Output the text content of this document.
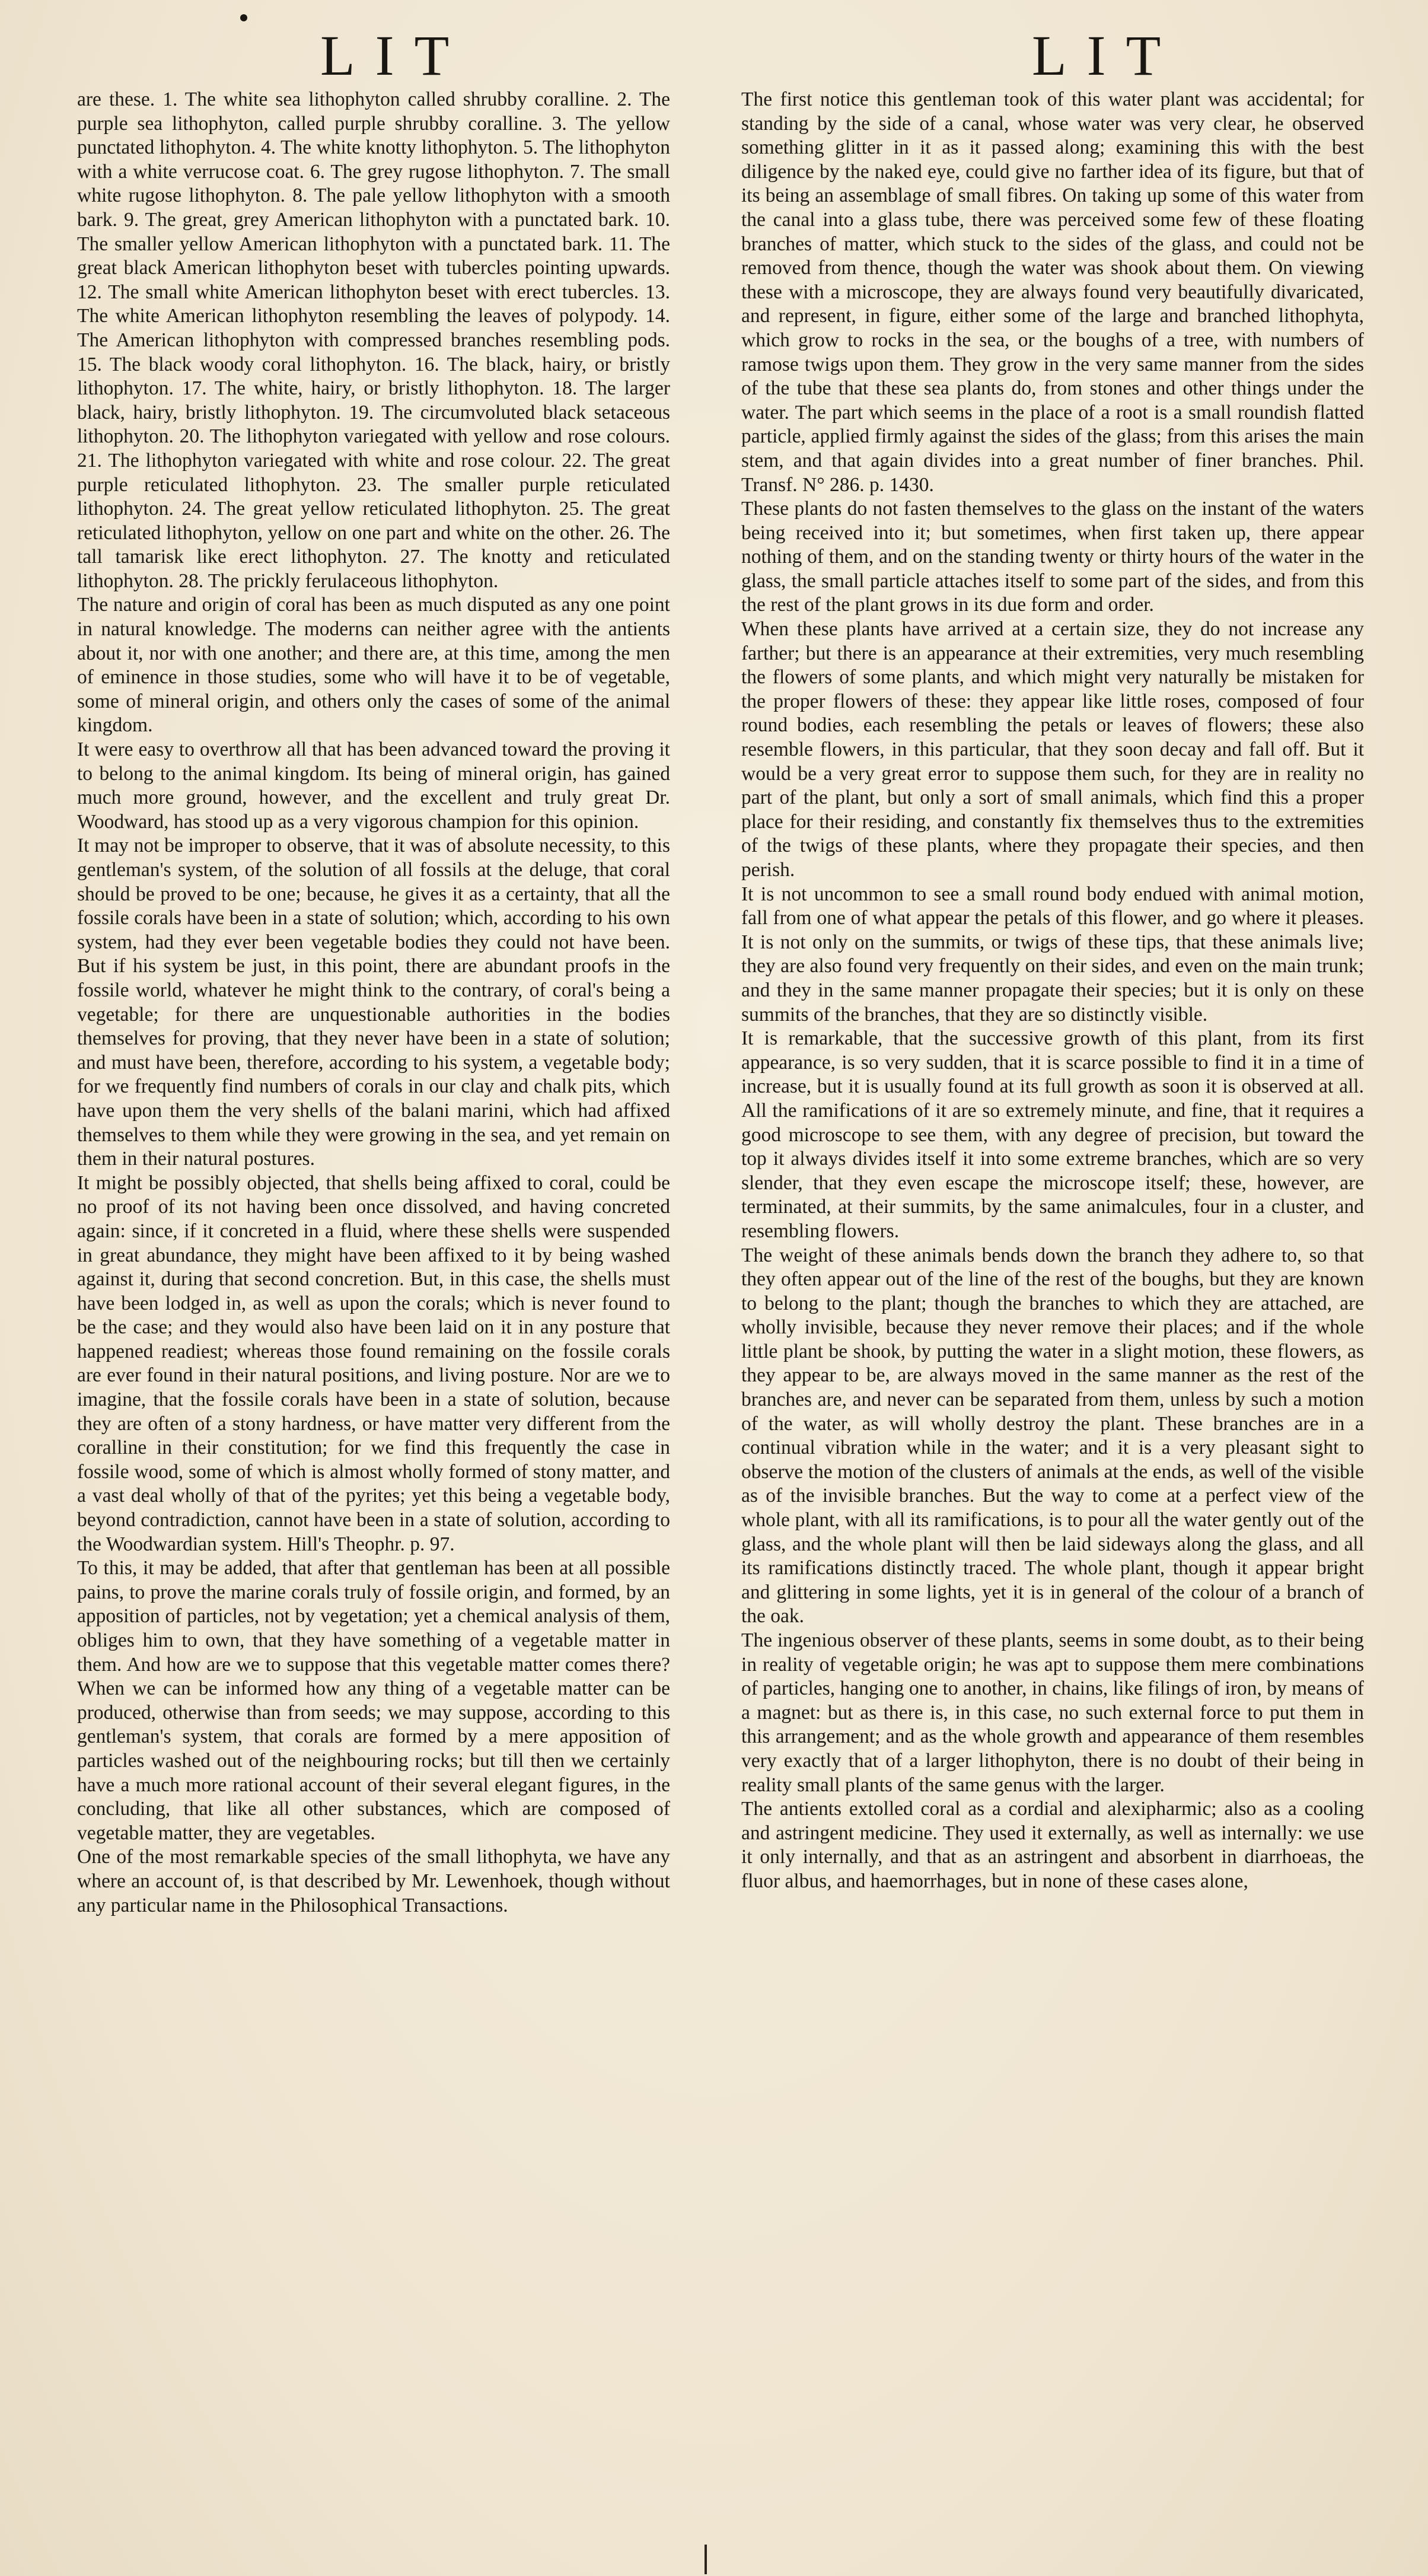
LIT	LIT

are these. 1. The white sea lithophyton called shrubby coralline. 2. The purple sea lithophyton, called purple shrubby coralline. 3. The yellow punctated lithophyton. 4. The white knotty lithophyton. 5. The lithophyton with a white verrucose coat. 6. The grey rugose lithophyton. 7. The small white rugose lithophyton. 8. The pale yellow lithophyton with a smooth bark. 9. The great, grey American lithophyton with a punctated bark. 10. The smaller yellow American lithophyton with a punctated bark. 11. The great black American lithophyton beset with tubercles pointing upwards. 12. The small white American lithophyton beset with erect tubercles. 13. The white American lithophyton resembling the leaves of polypody. 14. The American lithophyton with compressed branches resembling pods. 15. The black woody coral lithophyton. 16. The black, hairy, or bristly lithophyton. 17. The white, hairy, or bristly lithophyton. 18. The larger black, hairy, bristly lithophyton. 19. The circumvoluted black setaceous lithophyton. 20. The lithophyton variegated with yellow and rose colours. 21. The lithophyton variegated with white and rose colour. 22. The great purple reticulated lithophyton. 23. The smaller purple reticulated lithophyton. 24. The great yellow reticulated lithophyton. 25. The great reticulated lithophyton, yellow on one part and white on the other. 26. The tall tamarisk like erect lithophyton. 27. The knotty and reticulated lithophyton. 28. The prickly ferulaceous lithophyton.

The nature and origin of coral has been as much disputed as any one point in natural knowledge. The moderns can neither agree with the antients about it, nor with one another; and there are, at this time, among the men of eminence in those studies, some who will have it to be of vegetable, some of mineral origin, and others only the cases of some of the animal kingdom.

It were easy to overthrow all that has been advanced toward the proving it to belong to the animal kingdom. Its being of mineral origin, has gained much more ground, however, and the excellent and truly great Dr. Woodward, has stood up as a very vigorous champion for this opinion.

It may not be improper to observe, that it was of absolute necessity, to this gentleman's system, of the solution of all fossils at the deluge, that coral should be proved to be one; because, he gives it as a certainty, that all the fossile corals have been in a state of solution; which, according to his own system, had they ever been vegetable bodies they could not have been. But if his system be just, in this point, there are abundant proofs in the fossile world, whatever he might think to the contrary, of coral's being a vegetable; for there are unquestionable authorities in the bodies themselves for proving, that they never have been in a state of solution; and must have been, therefore, according to his system, a vegetable body; for we frequently find numbers of corals in our clay and chalk pits, which have upon them the very shells of the balani marini, which had affixed themselves to them while they were growing in the sea, and yet remain on them in their natural postures.

It might be possibly objected, that shells being affixed to coral, could be no proof of its not having been once dissolved, and having concreted again: since, if it concreted in a fluid, where these shells were suspended in great abundance, they might have been affixed to it by being washed against it, during that second concretion. But, in this case, the shells must have been lodged in, as well as upon the corals; which is never found to be the case; and they would also have been laid on it in any posture that happened readiest; whereas those found remaining on the fossile corals are ever found in their natural positions, and living posture. Nor are we to imagine, that the fossile corals have been in a state of solution, because they are often of a stony hardness, or have matter very different from the coralline in their constitution; for we find this frequently the case in fossile wood, some of which is almost wholly formed of stony matter, and a vast deal wholly of that of the pyrites; yet this being a vegetable body, beyond contradiction, cannot have been in a state of solution, according to the Woodwardian system. Hill's Theophr. p. 97.

To this, it may be added, that after that gentleman has been at all possible pains, to prove the marine corals truly of fossile origin, and formed, by an apposition of particles, not by vegetation; yet a chemical analysis of them, obliges him to own, that they have something of a vegetable matter in them. And how are we to suppose that this vegetable matter comes there? When we can be informed how any thing of a vegetable matter can be produced, otherwise than from seeds; we may suppose, according to this gentleman's system, that corals are formed by a mere apposition of particles washed out of the neighbouring rocks; but till then we certainly have a much more rational account of their several elegant figures, in the concluding, that like all other substances, which are composed of vegetable matter, they are vegetables.

One of the most remarkable species of the small lithophyta, we have any where an account of, is that described by Mr. Lewenhoek, though without any particular name in the Philosophical Transactions.

The first notice this gentleman took of this water plant was accidental; for standing by the side of a canal, whose water was very clear, he observed something glitter in it as it passed along; examining this with the best diligence by the naked eye, could give no farther idea of its figure, but that of its being an assemblage of small fibres. On taking up some of this water from the canal into a glass tube, there was perceived some few of these floating branches of matter, which stuck to the sides of the glass, and could not be removed from thence, though the water was shook about them. On viewing these with a microscope, they are always found very beautifully divaricated, and represent, in figure, either some of the large and branched lithophyta, which grow to rocks in the sea, or the boughs of a tree, with numbers of ramose twigs upon them. They grow in the very same manner from the sides of the tube that these sea plants do, from stones and other things under the water. The part which seems in the place of a root is a small roundish flatted particle, applied firmly against the sides of the glass; from this arises the main stem, and that again divides into a great number of finer branches. Phil. Transf. N° 286. p. 1430.

These plants do not fasten themselves to the glass on the instant of the waters being received into it; but sometimes, when first taken up, there appear nothing of them, and on the standing twenty or thirty hours of the water in the glass, the small particle attaches itself to some part of the sides, and from this the rest of the plant grows in its due form and order.

When these plants have arrived at a certain size, they do not increase any farther; but there is an appearance at their extremities, very much resembling the flowers of some plants, and which might very naturally be mistaken for the proper flowers of these: they appear like little roses, composed of four round bodies, each resembling the petals or leaves of flowers; these also resemble flowers, in this particular, that they soon decay and fall off. But it would be a very great error to suppose them such, for they are in reality no part of the plant, but only a sort of small animals, which find this a proper place for their residing, and constantly fix themselves thus to the extremities of the twigs of these plants, where they propagate their species, and then perish.

It is not uncommon to see a small round body endued with animal motion, fall from one of what appear the petals of this flower, and go where it pleases. It is not only on the summits, or twigs of these tips, that these animals live; they are also found very frequently on their sides, and even on the main trunk; and they in the same manner propagate their species; but it is only on these summits of the branches, that they are so distinctly visible.

It is remarkable, that the successive growth of this plant, from its first appearance, is so very sudden, that it is scarce possible to find it in a time of increase, but it is usually found at its full growth as soon it is observed at all. All the ramifications of it are so extremely minute, and fine, that it requires a good microscope to see them, with any degree of precision, but toward the top it always divides itself it into some extreme branches, which are so very slender, that they even escape the microscope itself; these, however, are terminated, at their summits, by the same animalcules, four in a cluster, and resembling flowers.

The weight of these animals bends down the branch they adhere to, so that they often appear out of the line of the rest of the boughs, but they are known to belong to the plant; though the branches to which they are attached, are wholly invisible, because they never remove their places; and if the whole little plant be shook, by putting the water in a slight motion, these flowers, as they appear to be, are always moved in the same manner as the rest of the branches are, and never can be separated from them, unless by such a motion of the water, as will wholly destroy the plant. These branches are in a continual vibration while in the water; and it is a very pleasant sight to observe the motion of the clusters of animals at the ends, as well of the visible as of the invisible branches. But the way to come at a perfect view of the whole plant, with all its ramifications, is to pour all the water gently out of the glass, and the whole plant will then be laid sideways along the glass, and all its ramifications distinctly traced. The whole plant, though it appear bright and glittering in some lights, yet it is in general of the colour of a branch of the oak.

The ingenious observer of these plants, seems in some doubt, as to their being in reality of vegetable origin; he was apt to suppose them mere combinations of particles, hanging one to another, in chains, like filings of iron, by means of a magnet: but as there is, in this case, no such external force to put them in this arrangement; and as the whole growth and appearance of them resembles very exactly that of a larger lithophyton, there is no doubt of their being in reality small plants of the same genus with the larger.

The antients extolled coral as a cordial and alexipharmic; also as a cooling and astringent medicine. They used it externally, as well as internally: we use it only internally, and that as an astringent and absorbent in diarrhoeas, the fluor albus, and haemorrhages, but in none of these cases alone,
